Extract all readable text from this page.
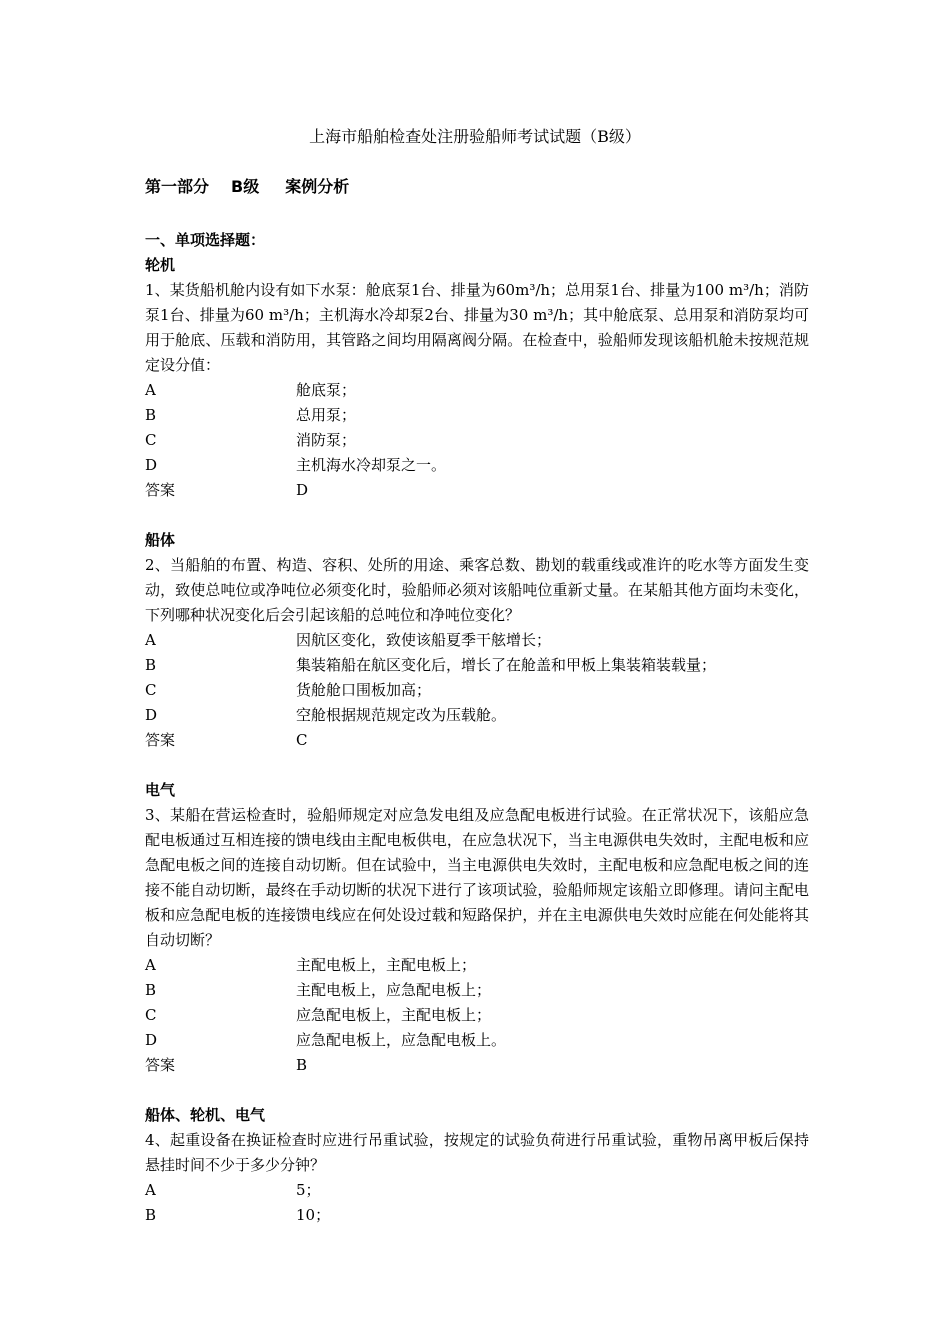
上海市船舶检查处注册验船师考试试题（B级）
第一部分 B级 案例分析
一、单项选择题：
轮机
1、某货船机舱内设有如下水泵：舱底泵1台、排量为60m³/h；总用泵1台、排量为100 m³/h；消防泵1台、排量为60 m³/h；主机海水冷却泵2台、排量为30 m³/h；其中舱底泵、总用泵和消防泵均可用于舱底、压载和消防用，其管路之间均用隔离阀分隔。在检查中，验船师发现该船机舱未按规范规定设分值：
A	舱底泵；
B	总用泵；
C	消防泵；
D	主机海水冷却泵之一。
答案	D
船体
2、当船舶的布置、构造、容积、处所的用途、乘客总数、勘划的载重线或准许的吃水等方面发生变动，致使总吨位或净吨位必须变化时，验船师必须对该船吨位重新丈量。在某船其他方面均未变化，下列哪种状况变化后会引起该船的总吨位和净吨位变化？
A	因航区变化，致使该船夏季干舷增长；
B	集装箱船在航区变化后，增长了在舱盖和甲板上集装箱装载量；
C	货舱舱口围板加高；
D	空舱根据规范规定改为压载舱。
答案	C
电气
3、某船在营运检查时，验船师规定对应急发电组及应急配电板进行试验。在正常状况下，该船应急配电板通过互相连接的馈电线由主配电板供电，在应急状况下，当主电源供电失效时，主配电板和应急配电板之间的连接自动切断。但在试验中，当主电源供电失效时，主配电板和应急配电板之间的连接不能自动切断，最终在手动切断的状况下进行了该项试验，验船师规定该船立即修理。请问主配电板和应急配电板的连接馈电线应在何处设过载和短路保护，并在主电源供电失效时应能在何处能将其自动切断？
A	主配电板上，主配电板上；
B	主配电板上，应急配电板上；
C	应急配电板上，主配电板上；
D	应急配电板上，应急配电板上。
答案	B
船体、轮机、电气
4、起重设备在换证检查时应进行吊重试验，按规定的试验负荷进行吊重试验，重物吊离甲板后保持悬挂时间不少于多少分钟？
A	5；
B	10；
